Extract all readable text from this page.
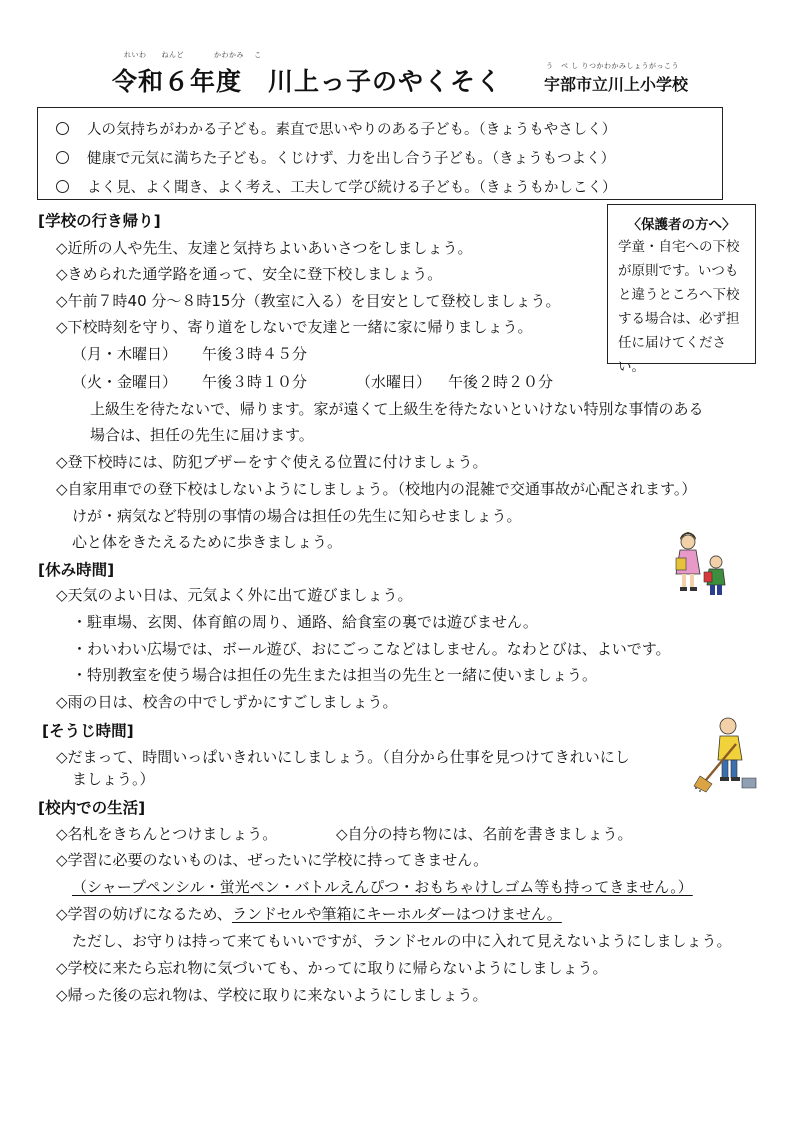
れいわ　　ねんど　　　　かわかみ　 こ
令和６年度 川上っ子のやくそく
う　べ し りつかわかみしょうがっこう
宇部市立川上小学校
人の気持ちがわかる子ども。素直で思いやりのある子ども。（きょうもやさしく）
健康で元気に満ちた子ども。くじけず、力を出し合う子ども。（きょうもつよく）
よく見、よく聞き、よく考え、工夫して学び続ける子ども。（きょうもかしこく）
〈保護者の方へ〉
学童・自宅への下校が原則です。いつもと違うところへ下校する場合は、必ず担任に届けてください。
[学校の行き帰り]
◇近所の人や先生、友達と気持ちよいあいさつをしましょう。
◇きめられた通学路を通って、安全に登下校しましょう。
◇午前７時40 分～８時15分（教室に入る）を目安として登校しましょう。
◇下校時刻を守り、寄り道をしないで友達と一緒に家に帰りましょう。
（月・木曜日） 午後３時４５分
（火・金曜日） 午後３時１０分	（水曜日） 午後２時２０分
上級生を待たないで、帰ります。家が遠くて上級生を待たないといけない特別な事情のある
場合は、担任の先生に届けます。
◇登下校時には、防犯ブザーをすぐ使える位置に付けましょう。
◇自家用車での登下校はしないようにしましょう。（校地内の混雑で交通事故が心配されます。）
けが・病気など特別の事情の場合は担任の先生に知らせましょう。
心と体をきたえるために歩きましょう。
[休み時間]
◇天気のよい日は、元気よく外に出て遊びましょう。
・駐車場、玄関、体育館の周り、通路、給食室の裏では遊びません。
・わいわい広場では、ボール遊び、おにごっこなどはしません。なわとびは、よいです。
・特別教室を使う場合は担任の先生または担当の先生と一緒に使いましょう。
◇雨の日は、校舎の中でしずかにすごしましょう。
[そうじ時間]
◇だまって、時間いっぱいきれいにしましょう。（自分から仕事を見つけてきれいにし
ましょう。）
[校内での生活]
◇名札をきちんとつけましょう。	◇自分の持ち物には、名前を書きましょう。
◇学習に必要のないものは、ぜったいに学校に持ってきません。
（シャープペンシル・蛍光ペン・バトルえんぴつ・おもちゃけしゴム等も持ってきません。）
◇学習の妨げになるため、ランドセルや筆箱にキーホルダーはつけません。
ただし、お守りは持って来てもいいですが、ランドセルの中に入れて見えないようにしましょう。
◇学校に来たら忘れ物に気づいても、かってに取りに帰らないようにしましょう。
◇帰った後の忘れ物は、学校に取りに来ないようにしましょう。
